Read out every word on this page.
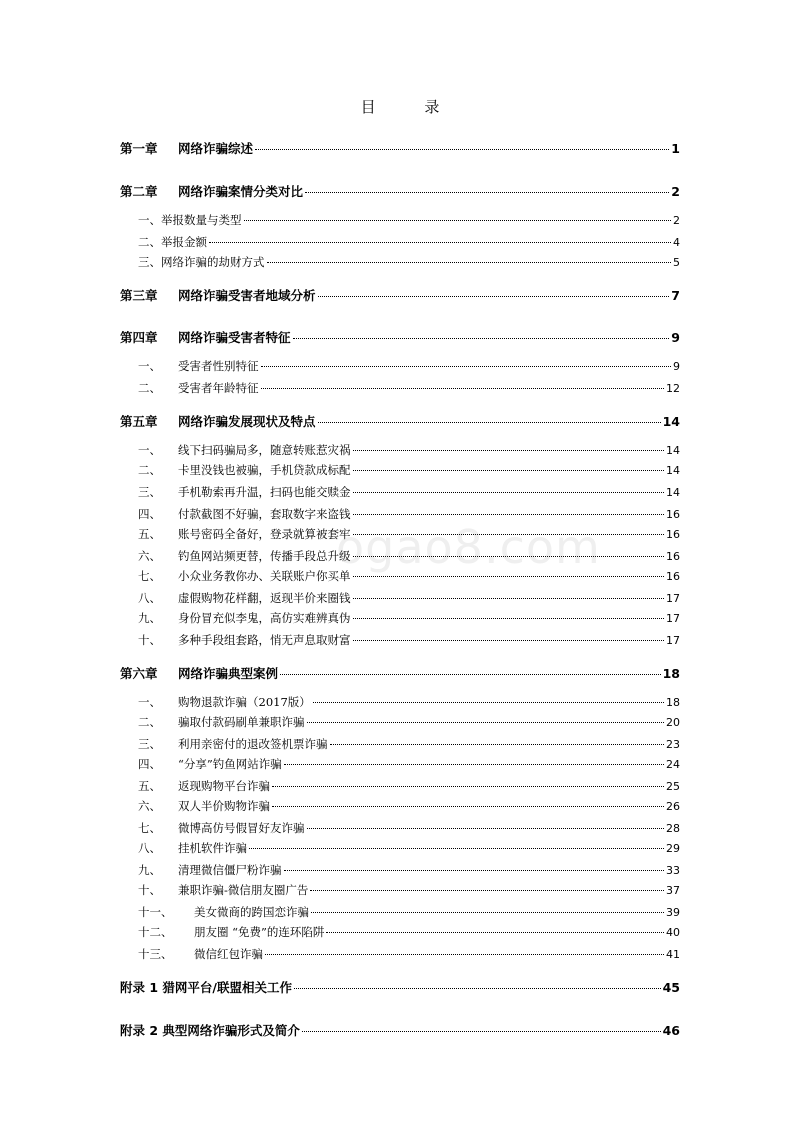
目 录
第一章	网络诈骗综述	1
第二章	网络诈骗案情分类对比	2
一、举报数量与类型	2
二、举报金额	4
三、网络诈骗的劫财方式	5
第三章	网络诈骗受害者地域分析	7
第四章	网络诈骗受害者特征	9
一、	受害者性别特征	9
二、	受害者年龄特征	12
第五章	网络诈骗发展现状及特点	14
一、	线下扫码骗局多，随意转账惹灾祸	14
二、	卡里没钱也被骗，手机贷款成标配	14
三、	手机勒索再升温，扫码也能交赎金	14
四、	付款截图不好骗，套取数字来盗钱	16
五、	账号密码全备好，登录就算被套牢	16
六、	钓鱼网站频更替，传播手段总升级	16
七、	小众业务教你办、关联账户你买单	16
八、	虚假购物花样翻，返现半价来圈钱	17
九、	身份冒充似李鬼，高仿实难辨真伪	17
十、	多种手段组套路，悄无声息取财富	17
第六章	网络诈骗典型案例	18
一、	购物退款诈骗（2017版）	18
二、	骗取付款码刷单兼职诈骗	20
三、	利用亲密付的退改签机票诈骗	23
四、	“分享”钓鱼网站诈骗	24
五、	返现购物平台诈骗	25
六、	双人半价购物诈骗	26
七、	微博高仿号假冒好友诈骗	28
八、	挂机软件诈骗	29
九、	清理微信僵尸粉诈骗	33
十、	兼职诈骗-微信朋友圈广告	37
十一、	美女微商的跨国恋诈骗	39
十二、	朋友圈 “免费”的连环陷阱	40
十三、	微信红包诈骗	41
附录 1 猎网平台/联盟相关工作	45
附录 2 典型网络诈骗形式及简介	46
ogao8.com
